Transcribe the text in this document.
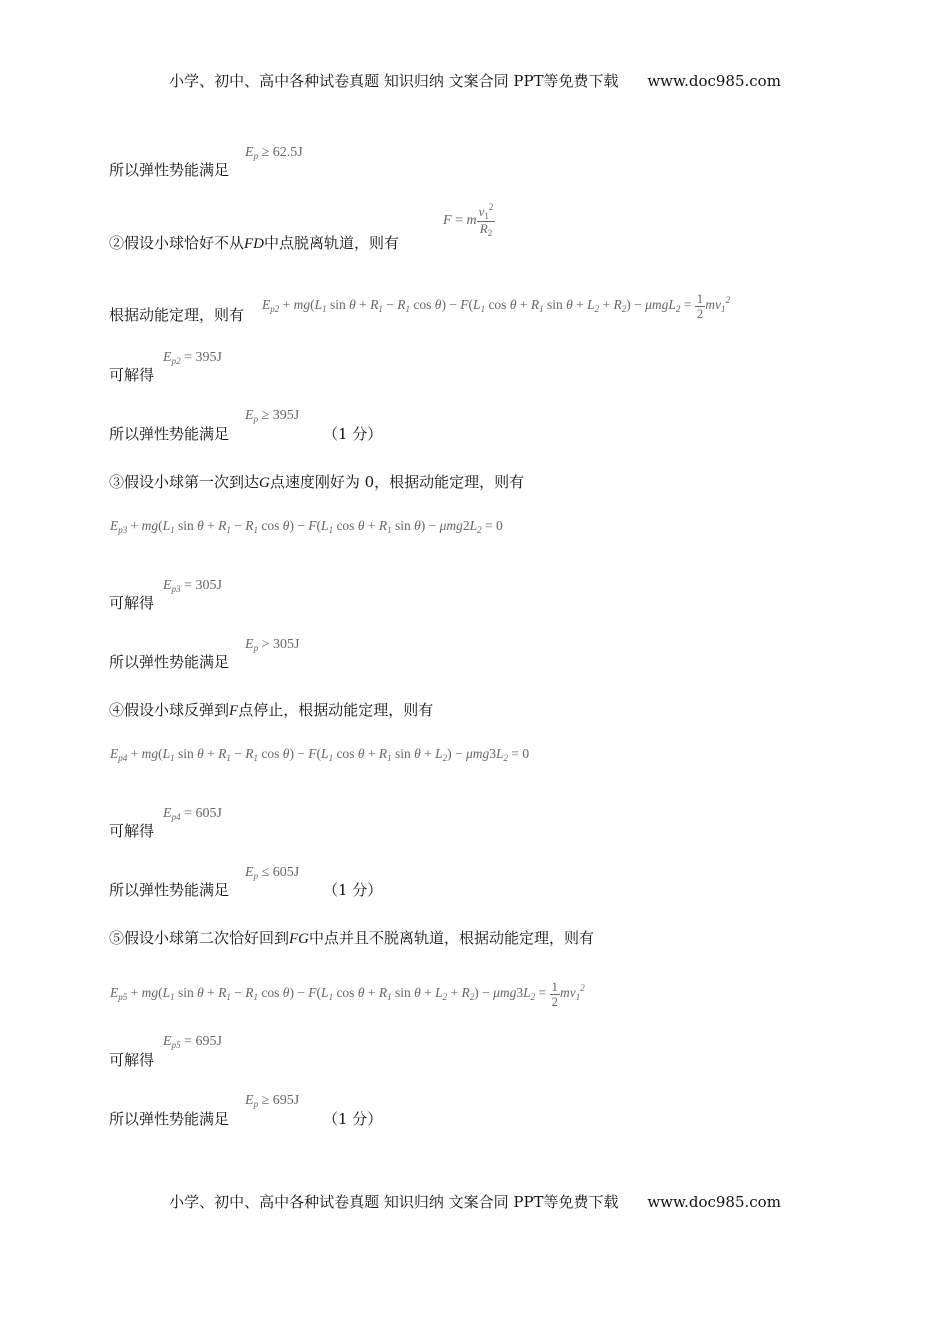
小学、初中、高中各种试卷真题 知识归纳 文案合同 PPT等免费下载 www.doc985.com
所以弹性势能满足
$E_p \ge 62.5J$
②假设小球恰好不从FD中点脱离轨道，则有
F = m $\frac{v_1^2}{R_2}$
根据动能定理，则有
$E_{p2} + mg(L_1$ $\sin \theta + R_1 - R_1$ $\cos \theta) - F(L_1$ $\cos \theta + R_1$ $\sin \theta + L_2 + R_2) - \mu mgL_2 = \frac{1}{2} mv_1^2$
可解得
$E_{p2} = 395J$
所以弹性势能满足
$E_p \ge 395J$
（1 分）
③假设小球第一次到达G点速度刚好为 0，根据动能定理，则有
$E_{p3} + mg(L_1$ $\sin \theta + R_1 - R_1$ $\cos \theta) - F(L_1$ $\cos \theta + R_1$ $\sin \theta) - \mu mg2L_2 = 0$
可解得
$E_{p3} = 305J$
所以弹性势能满足
$E_p > 305J$
④假设小球反弹到F点停止，根据动能定理，则有
$E_{p4} + mg(L_1$ $\sin \theta + R_1 - R_1$ $\cos \theta) - F(L_1$ $\cos \theta + R_1$ $\sin \theta + L_2) - \mu mg3L_2 = 0$
可解得
$E_{p4} = 605J$
所以弹性势能满足
$E_p \le 605J$
（1 分）
⑤假设小球第二次恰好回到FG中点并且不脱离轨道，根据动能定理，则有
$E_{p5} + mg(L_1$ $\sin \theta + R_1 - R_1$ $\cos \theta) - F(L_1$ $\cos \theta + R_1$ $\sin \theta + L_2 + R_2) - \mu mg3L_2 = \frac{1}{2} mv_1^2$
可解得
$E_{p5} = 695J$
所以弹性势能满足
$E_p \ge 695J$
（1 分）
小学、初中、高中各种试卷真题 知识归纳 文案合同 PPT等免费下载 www.doc985.com
